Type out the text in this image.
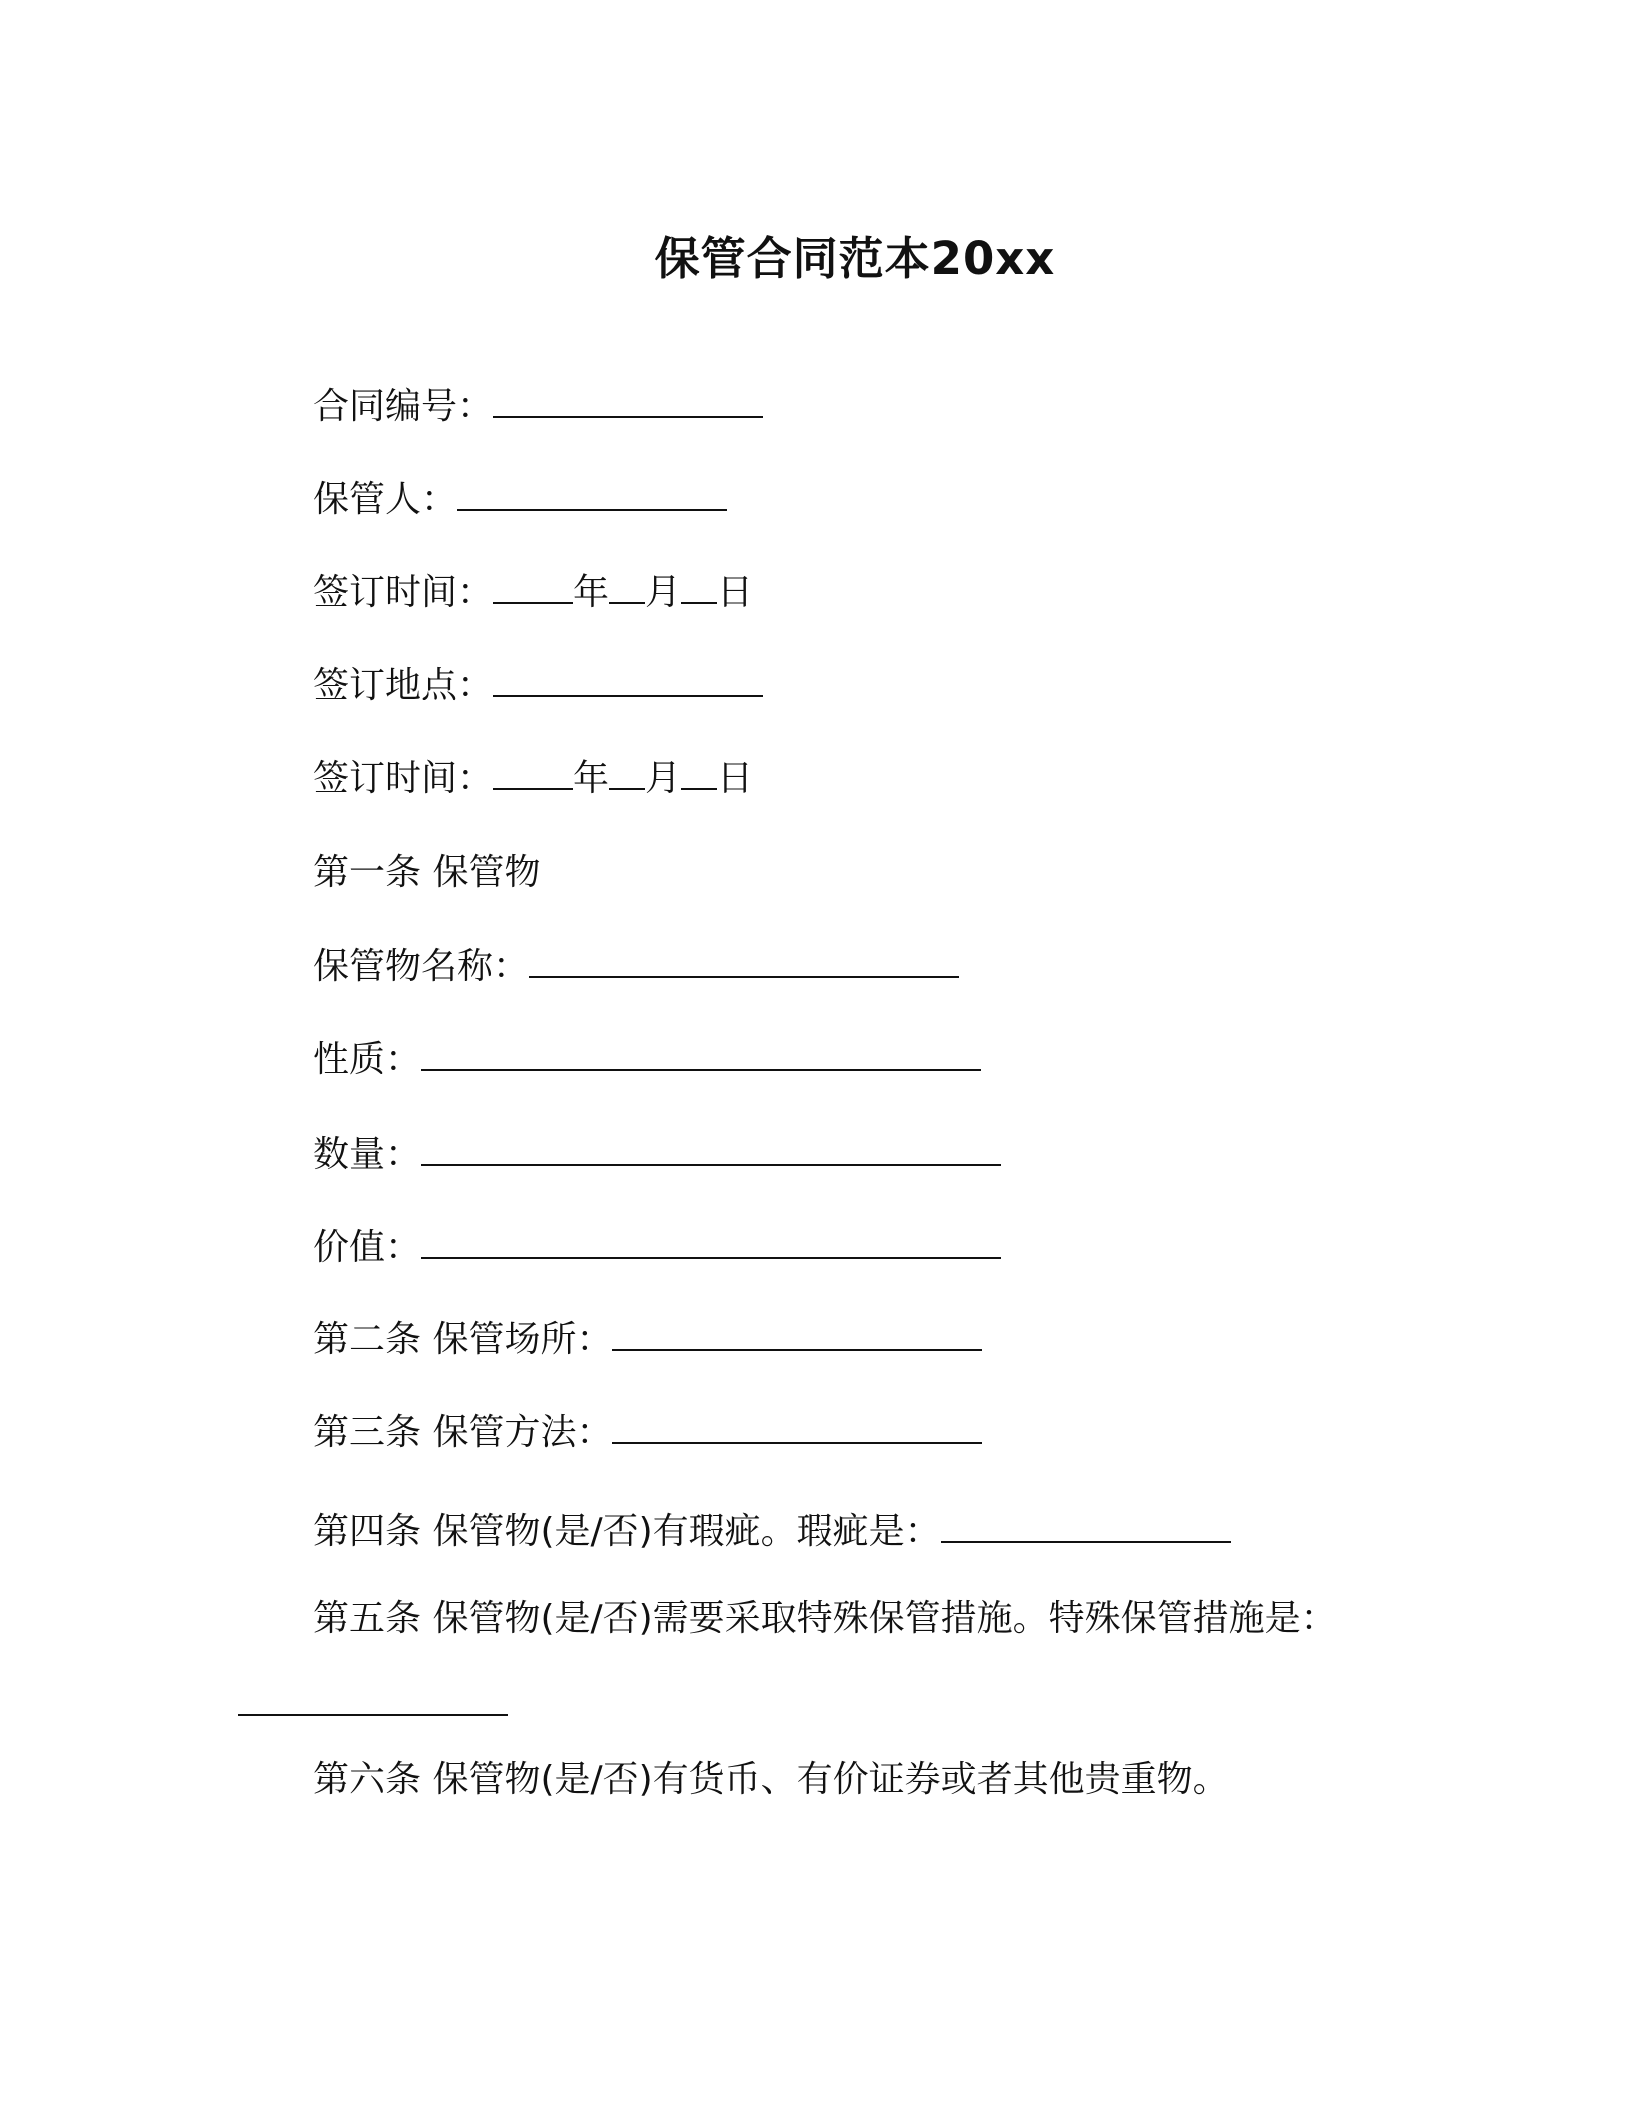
保管合同范本20xx
合同编号：
保管人：
签订时间： 年 月 日
签订地点：
签订时间： 年 月 日
第一条 保管物
保管物名称：
性质：
数量：
价值：
第二条 保管场所：
第三条 保管方法：
第四条 保管物(是/否)有瑕疵。瑕疵是：
第五条 保管物(是/否)需要采取特殊保管措施。特殊保管措施是：
第六条 保管物(是/否)有货币、有价证券或者其他贵重物。
